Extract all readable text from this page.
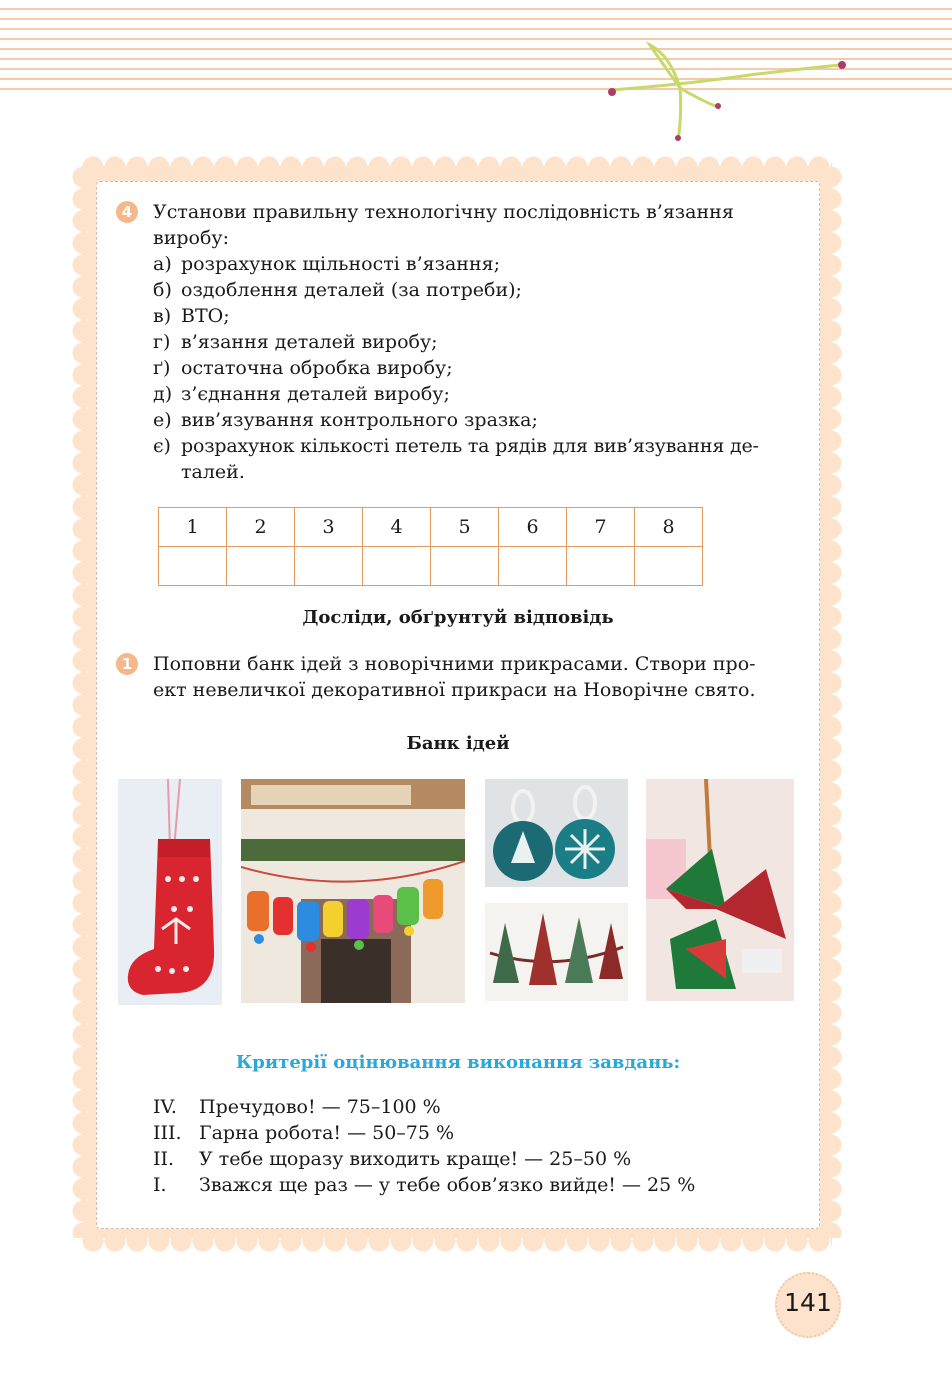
4	Установи правильну технологічну послідовність в’язання
виробу:
а) розрахунок щільності в’язання;
б) оздоблення деталей (за потреби);
в) ВТО;
г) в’язання деталей виробу;
ґ) остаточна обробка виробу;
д) з’єднання деталей виробу;
е) вив’язування контрольного зразка;
є) розрахунок кількості петель та рядів для вив’язування де-
талей.
1	2	3	4	5	6	7	8

Досліди, обґрунтуй відповідь
1	Поповни банк ідей з новорічними прикрасами. Створи про-
ект невеличкої декоративної прикраси на Новорічне свято.
Банк ідей
Критерії оцінювання виконання завдань:
IV. Пречудово! — 75–100 %
III. Гарна робота! — 50–75 %
II. У тебе щоразу виходить краще! — 25–50 %
I. Зважся ще раз — у тебе обов’язко вийде! — 25 %
141
